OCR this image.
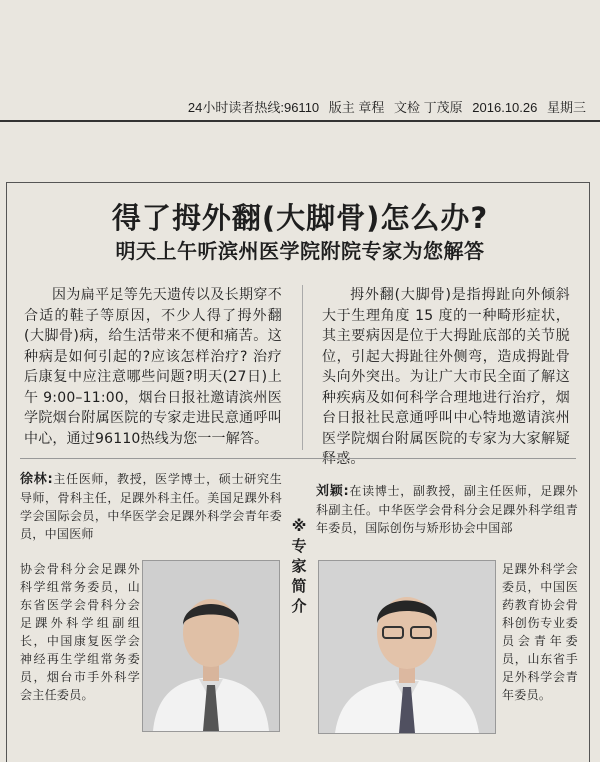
24小时读者热线:96110 版主 章程 文检 丁茂原 2016.10.26 星期三
得了拇外翻(大脚骨)怎么办?
明天上午听滨州医学院附院专家为您解答
因为扁平足等先天遗传以及长期穿不合适的鞋子等原因，不少人得了拇外翻(大脚骨)病，给生活带来不便和痛苦。这种病是如何引起的?应该怎样治疗? 治疗后康复中应注意哪些问题?明天(27日)上午 9:00–11:00，烟台日报社邀请滨州医学院烟台附属医院的专家走进民意通呼叫中心，通过96110热线为您一一解答。
拇外翻(大脚骨)是指拇趾向外倾斜大于生理角度 15 度的一种畸形症状，其主要病因是位于大拇趾底部的关节脱位，引起大拇趾往外侧弯，造成拇趾骨头向外突出。为让广大市民全面了解这种疾病及如何科学合理地进行治疗，烟台日报社民意通呼叫中心特地邀请滨州医学院烟台附属医院的专家为大家解疑释惑。
徐林:主任医师，教授，医学博士，硕士研究生导师，骨科主任，足踝外科主任。美国足踝外科学会国际会员，中华医学会足踝外科学会青年委员，中国医师
协会骨科分会足踝外科学组常务委员，山东省医学会骨科分会足踝外科学组副组长，中国康复医学会神经再生学组常务委员，烟台市手外科学会主任委员。
※专家简介
刘颖:在读博士，副教授，副主任医师，足踝外科副主任。中华医学会骨科分会足踝外科学组青年委员，国际创伤与矫形协会中国部
足踝外科学会委员，中国医药教育协会骨科创伤专业委员会青年委员，山东省手足外科学会青年委员。
